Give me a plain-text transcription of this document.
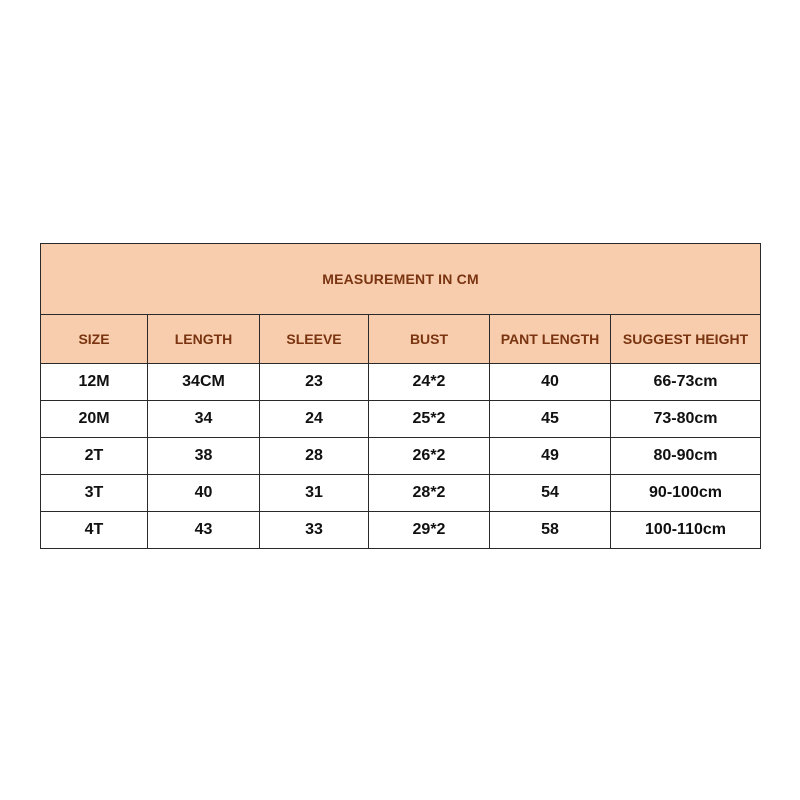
MEASUREMENT IN CM					
SIZE	LENGTH	SLEEVE	BUST	PANT LENGTH	SUGGEST HEIGHT
12M	34CM	23	24*2	40	66-73cm
20M	34	24	25*2	45	73-80cm
2T	38	28	26*2	49	80-90cm
3T	40	31	28*2	54	90-100cm
4T	43	33	29*2	58	100-110cm
